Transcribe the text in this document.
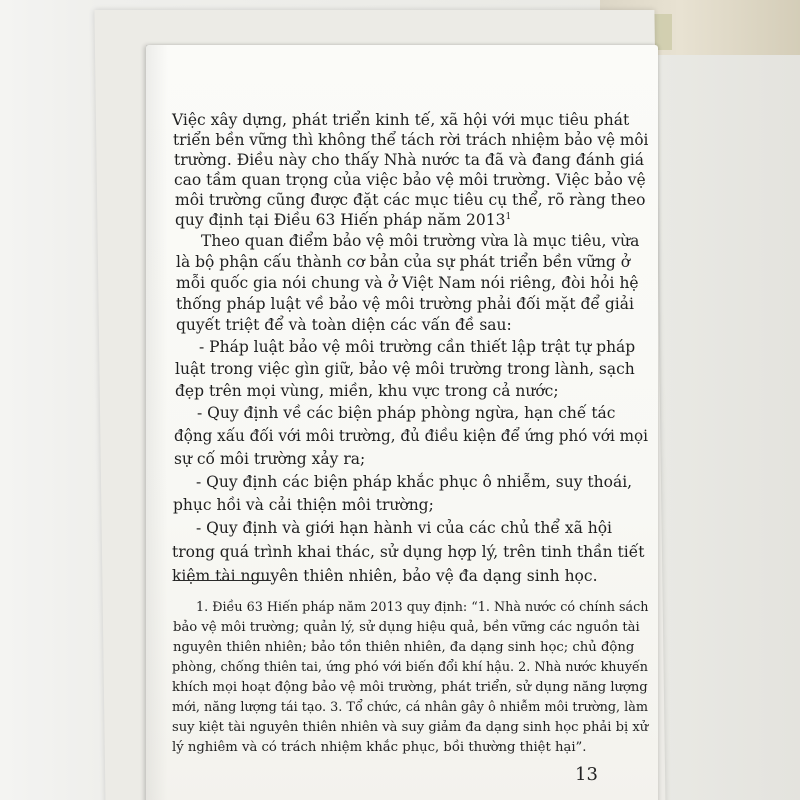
Việc xây dựng, phát triển kinh tế, xã hội với mục tiêu phát
triển bền vững thì không thể tách rời trách nhiệm bảo vệ môi
trường. Điều này cho thấy Nhà nước ta đã và đang đánh giá
cao tầm quan trọng của việc bảo vệ môi trường. Việc bảo vệ
môi trường cũng được đặt các mục tiêu cụ thể, rõ ràng theo
quy định tại Điều 63 Hiến pháp năm 2013$^1$
Theo quan điểm bảo vệ môi trường vừa là mục tiêu, vừa
là bộ phận cấu thành cơ bản của sự phát triển bền vững ở
mỗi quốc gia nói chung và ở Việt Nam nói riêng, đòi hỏi hệ
thống pháp luật về bảo vệ môi trường phải đối mặt để giải
quyết triệt để và toàn diện các vấn đề sau:
- Pháp luật bảo vệ môi trường cần thiết lập trật tự pháp
luật trong việc gìn giữ, bảo vệ môi trường trong lành, sạch
đẹp trên mọi vùng, miền, khu vực trong cả nước;
- Quy định về các biện pháp phòng ngừa, hạn chế tác
động xấu đối với môi trường, đủ điều kiện để ứng phó với mọi
sự cố môi trường xảy ra;
- Quy định các biện pháp khắc phục ô nhiễm, suy thoái,
phục hồi và cải thiện môi trường;
- Quy định và giới hạn hành vi của các chủ thể xã hội
trong quá trình khai thác, sử dụng hợp lý, trên tinh thần tiết
kiệm tài nguyên thiên nhiên, bảo vệ đa dạng sinh học.
1. Điều 63 Hiến pháp năm 2013 quy định: “1. Nhà nước có chính sách
bảo vệ môi trường; quản lý, sử dụng hiệu quả, bền vững các nguồn tài
nguyên thiên nhiên; bảo tồn thiên nhiên, đa dạng sinh học; chủ động
phòng, chống thiên tai, ứng phó với biến đổi khí hậu. 2. Nhà nước khuyến
khích mọi hoạt động bảo vệ môi trường, phát triển, sử dụng năng lượng
mới, năng lượng tái tạo. 3. Tổ chức, cá nhân gây ô nhiễm môi trường, làm
suy kiệt tài nguyên thiên nhiên và suy giảm đa dạng sinh học phải bị xử
lý nghiêm và có trách nhiệm khắc phục, bồi thường thiệt hại”.
13
